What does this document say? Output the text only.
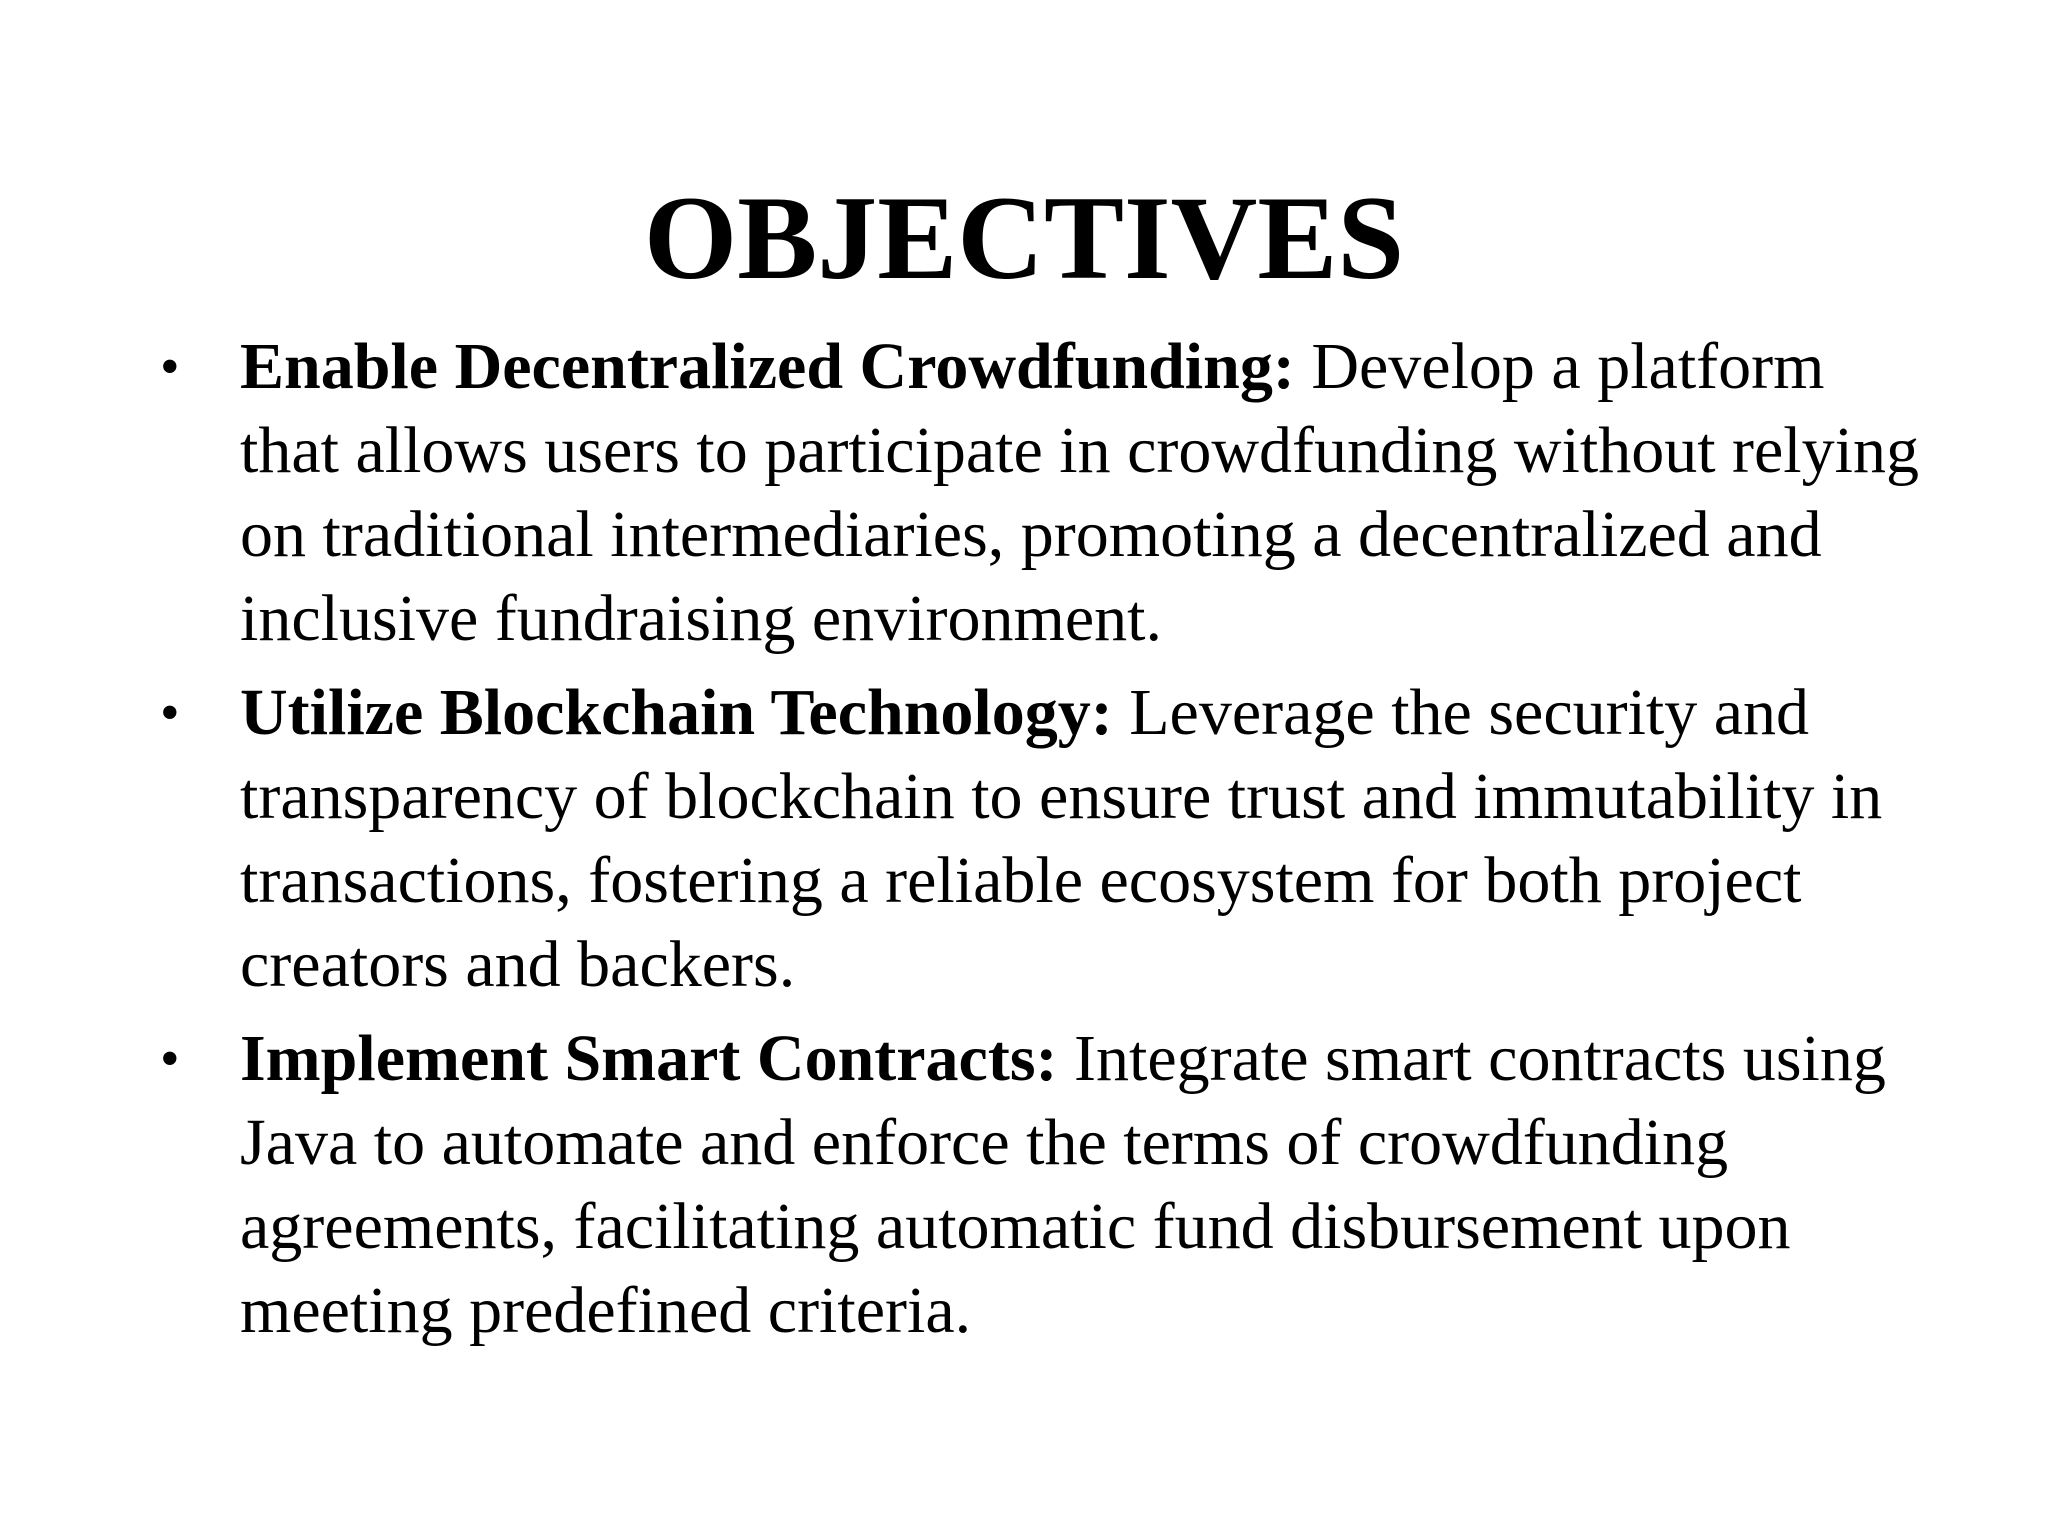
OBJECTIVES
• Enable Decentralized Crowdfunding: Develop a platform that allows users to participate in crowdfunding without relying on traditional intermediaries, promoting a decentralized and inclusive fundraising environment.
• Utilize Blockchain Technology: Leverage the security and transparency of blockchain to ensure trust and immutability in transactions, fostering a reliable ecosystem for both project creators and backers.
• Implement Smart Contracts: Integrate smart contracts using Java to automate and enforce the terms of crowdfunding agreements, facilitating automatic fund disbursement upon meeting predefined criteria.
